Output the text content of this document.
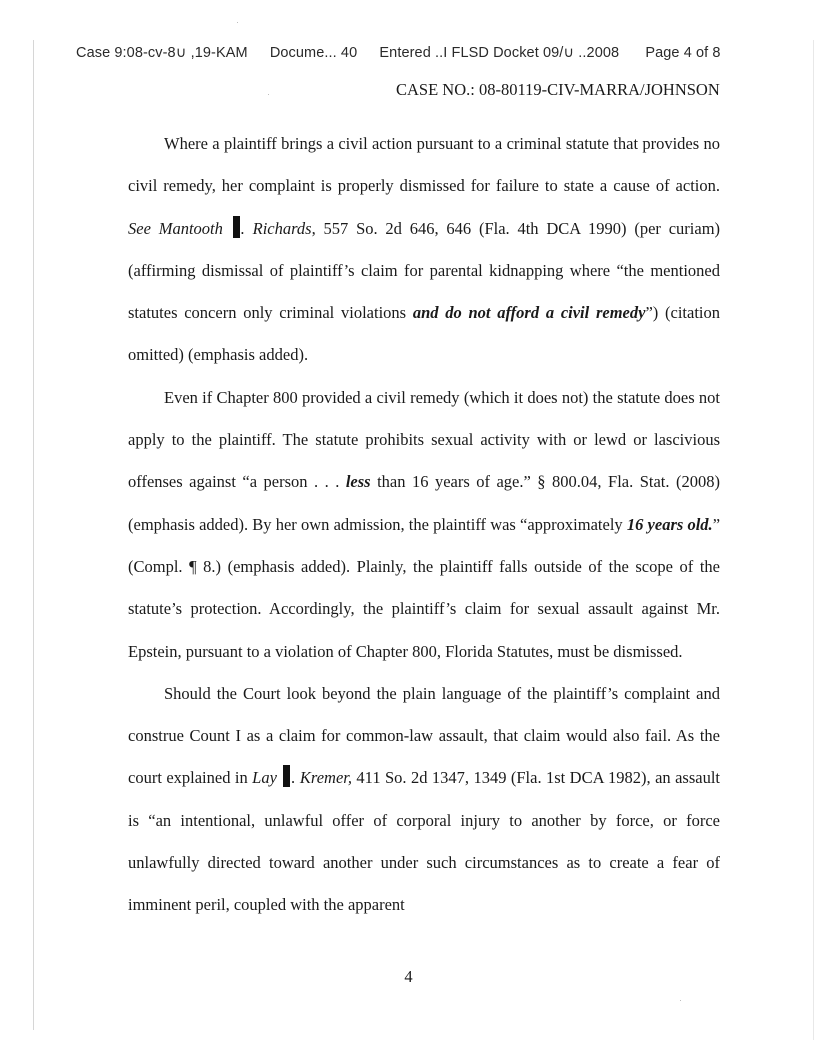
Case 9:08-cv-8∪ ,19-KAM Docume... 40 Entered ..I FLSD Docket 09/∪ ..2008 Page 4 of 8
CASE NO.: 08-80119-CIV-MARRA/JOHNSON

Where a plaintiff brings a civil action pursuant to a criminal statute that provides no civil remedy, her complaint is properly dismissed for failure to state a cause of action. See Mantooth . Richards, 557 So. 2d 646, 646 (Fla. 4th DCA 1990) (per curiam) (affirming dismissal of plaintiff’s claim for parental kidnapping where “the mentioned statutes concern only criminal violations and do not afford a civil remedy”) (citation omitted) (emphasis added).

Even if Chapter 800 provided a civil remedy (which it does not) the statute does not apply to the plaintiff. The statute prohibits sexual activity with or lewd or lascivious offenses against “a person . . . less than 16 years of age.” § 800.04, Fla. Stat. (2008) (emphasis added). By her own admission, the plaintiff was “approximately 16 years old.” (Compl. ¶ 8.) (emphasis added). Plainly, the plaintiff falls outside of the scope of the statute’s protection. Accordingly, the plaintiff’s claim for sexual assault against Mr. Epstein, pursuant to a violation of Chapter 800, Florida Statutes, must be dismissed.

Should the Court look beyond the plain language of the plaintiff’s complaint and construe Count I as a claim for common-law assault, that claim would also fail. As the court explained in Lay . Kremer, 411 So. 2d 1347, 1349 (Fla. 1st DCA 1982), an assault is “an intentional, unlawful offer of corporal injury to another by force, or force unlawfully directed toward another under such circumstances as to create a fear of imminent peril, coupled with the apparent

4
